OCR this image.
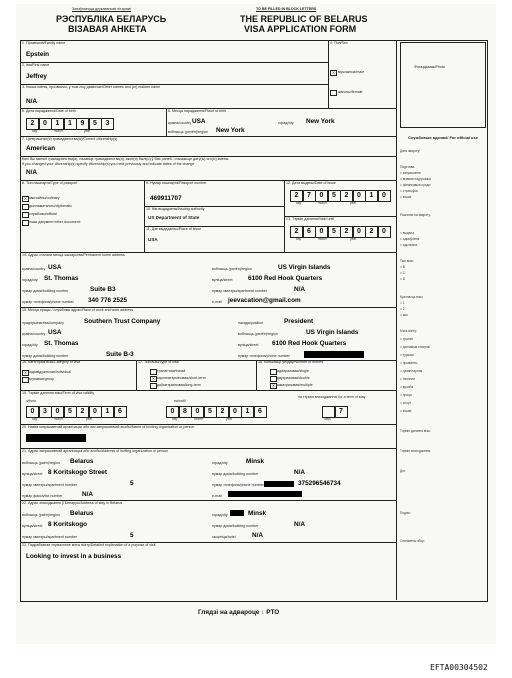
Запаўняецца друкаванымі літарамі	TO BE FILLED IN BLOCK LETTERS
РЭСПУБЛІКА БЕЛАРУСЬ
ВІЗАВАЯ АНКЕТА
THE REPUBLIC OF BELARUS
VISA APPLICATION FORM
Фотаздымак/Photo
Службовыя адзнакі/ For official use
Дата звароту:
Падстава:
□ запрашэнне
□ візавая падтрымка
□ фінансавыя сродкі
□ страхоўка
□ іншае
Рашэнне па звароту:
□ выдана
□ адмоўлена
□ адклікана
Тып візы:
□ B
□ C
□ D
Кратнасць візы:
□ 1
□ 2
□ шм.
Мэта візіту:
□ транзіт
□ дзелавыя стасункі
□ турызм
□ прыватны
□ гуманітарная
□ лячэнне
□ вучоба
□ праца
□ спорт
□ іншае
Тэрмін дзеяння візы:
Тэрмін знаходжання:
Дні:
Подпіс:
Спаганены збор:
1. Прозвішча/Family name
Epstein
4. Пол/Sex
2. Імя/First name
Jeffrey
X мужчынскі/male
3. Іншыя імёны, прозвішчы, у тым ліку дзявочае/Other names and (or) maiden name
N/A
жаночы/female
5. Дата нараджэння/Date of birth
2	0	1	1	9	5	3
day	month	year
6. Месца нараджэння/Place of birth
краіна/country USA	горад/city New York
вобласць (рэгіён)/region New York
7. Цяперашняе(я) грамадзянства(ы)/Current citizenship(s)
American
Калі Вы мянялі грамадзянства(а), назавіце грамадзянства(а), якое(я) былі(о) ў Вас раней, і пакажыце дату(ы) яго(іх) змены
If you changed your citizenship(s) specify citizenship(s) you held previously and indicate dates of the change
N/A
8. Тып пашпарта/Type of passport
X звычайны/ordinary
дыпламатычны/diplomatic
службовы/official
іншы дакумент/other document:
9. Нумар пашпарта/Passport number
469911707
10. Кім выдадзены/Issuing authority
US Department of State
11. Дзе выдадзены/Place of issue
USA
12. Дата выдачы/Date of issue
2	7	0	5	2	0	1	0
day	month	year
13. Тэрмін дзеяння/Valid until
2	6	0	5	2	0	2	0
day	month	year
14. Адрас сталага месца жыхарства/Permanent home address
краіна/country USA	вобласць (рэгіён)/region	US Virgin Islands
горад/city St. Thomas	вуліца/street 6100 Red Hook Quarters
нумар дома/building number	Suite B3	нумар кватэры/apartment number	N/A
нумар тэлефона/phone number 340 776 2525	e-mail jeevacation@gmail.com
15. Месца працы / службовы адрас/Place of work and work address
прадпрыемства/company	Southern Trust Company	пасада/position	President
краіна/country USA	вобласць (рэгіён)/region	US Virgin Islands
горад/city St. Thomas	вуліца/street 6100 Red Hook Quarters
нумар дома/building number	Suite B-3	нумар тэлефона/phone number
16. Катэгорыя візы/Category of visa
X індывідуальная/individual
групавая/group
17. Тып візы/Type of visa
транзітная/transit
X кароткатэрміновая/short-term
доўгатэрміновая/long-term
18. Колькасць уездаў/Number of entries
аднаразовая/single
двухразовая/double
X шматразовая/multiple
19. Тэрмін дзеяння візы/Term of visa validity
з/from
0	3	0	5	2	0	1	6
day	month	year
па/until
0	8	0	5	2	0	1	6
day	month	year
на тэрмін знаходжання/ for a term of stay
7
days
20. Назва запрашаючай арганізацыі або імя запрашаючай асобы/Name of inviting organization or person
21. Адрас запрашаючай арганізацыі або асобы/Address of inviting organization or person
вобласць (раён)/region Belarus	горад/city	Minsk
вуліца/street 8 Koritskogo Street	нумар дома/building number	N/A
нумар кватэры/apartment number	5	нумар тэлефона/phone number	375296546734
нумар факса/fax number	N/A	e-mail
22. Адрас знаходжання ў Беларусі/Address of stay in Belarus
вобласць (раён)/region Belarus	горад/city	Minsk
вуліца/street 8 Koritskogo	нумар дома/building number	N/A
нумар кватэры/apartment number	5	гасцініца/hotel	N/A
23. Падрабязнае тлумачэнне мэты візіту/Detailed explanation of a purpose of visit
Looking to invest in a business
Глядзі на адвароце ↓ PTO
EFTA00304502
